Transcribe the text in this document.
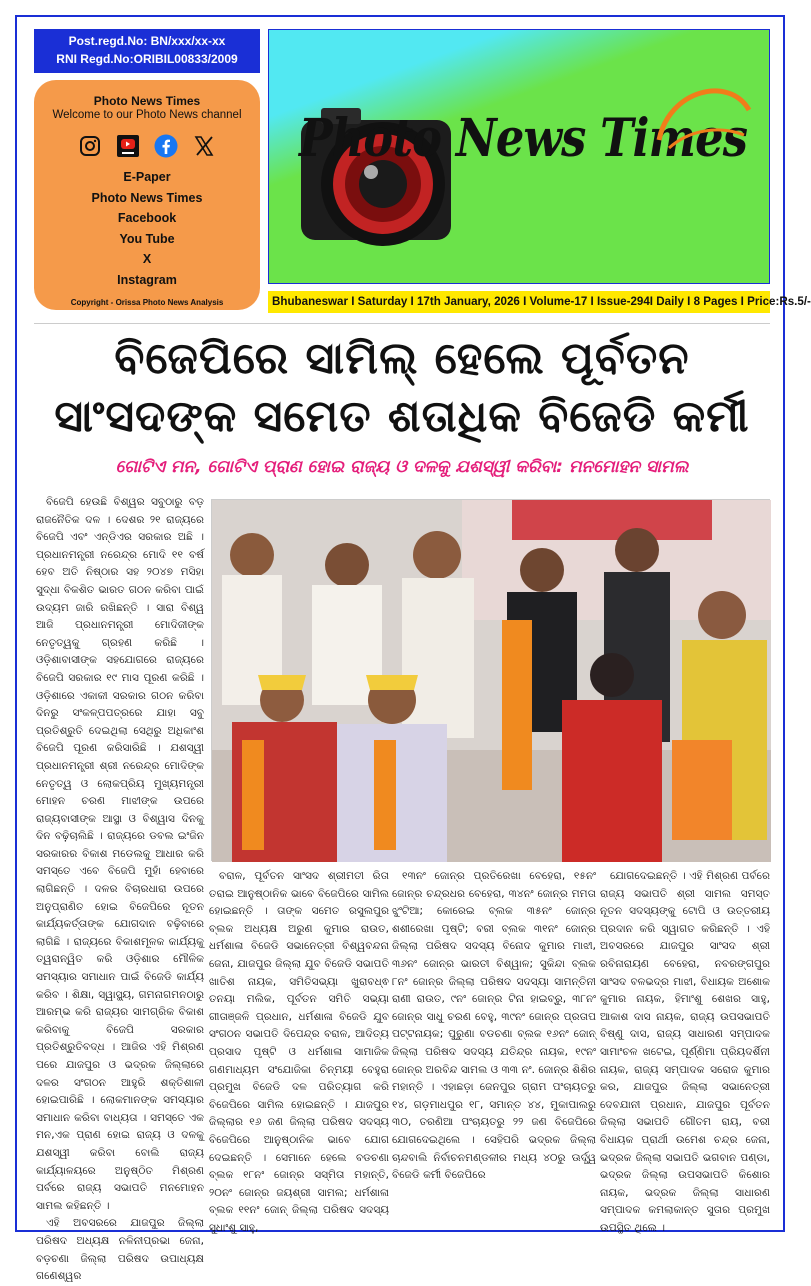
Post.regd.No: BN/xxx/xx-xx
RNI Regd.No:ORIBIL00833/2009
Photo News Times
Welcome to our Photo News channel
E-Paper
Photo News Times
Facebook
You Tube
X
Instagram
Copyright - Orissa Photo News Analysis
Photo News Times
Bhubaneswar I Saturday I 17th January, 2026 I Volume-17 I Issue-294I Daily I 8 Pages I Price:Rs.5/-
ବିଜେପିରେ ସାମିଲ୍ ହେଲେ ପୂର୍ବତନ
ସାଂସଦଙ୍କ ସମେତ ଶତାଧିକ ବିଜେଡି କର୍ମୀ
ଗୋଟିଏ ମନ, ଗୋଟିଏ ପ୍ରାଣ ହୋଇ ରାଜ୍ୟ ଓ ଦଳକୁ ଯଶସ୍ୱୀ କରିବା: ମନମୋହନ ସାମଲ

ବିଜେପି ହେଉଛି ବିଶ୍ୱର ସବୁଠାରୁ ବଡ଼ ରାଜନୈତିକ ଦଳ । ଦେଶର ୨୧ ରାଜ୍ୟରେ ବିଜେପି ଏବଂ ଏନ୍‌ଡିଏର ସରକାର ଅଛି । ପ୍ରଧାନମନ୍ତ୍ରୀ ନରେନ୍ଦ୍ର ମୋଦି ୧୧ ବର୍ଷ ହେବ ଅତି ନିଷ୍ଠାର ସହ ୨୦୪୭ ମସିହା ସୁଦ୍ଧା ବିକଶିତ ଭାରତ ଗଠନ କରିବା ପାଇଁ ଉଦ୍ୟମ ଜାରି ରଖିଛନ୍ତି । ସାରା ବିଶ୍ୱ ଆଜି ପ୍ରଧାନମନ୍ତ୍ରୀ ମୋଦିଜୀଙ୍କ ନେତୃତ୍ୱକୁ ଗ୍ରହଣ କରିଛି । ଓଡ଼ିଶାବାସୀଙ୍କ ସହଯୋଗରେ ରାଜ୍ୟରେ ବିଜେପି ସରକାର ୧୯ ମାସ ପୂରଣ କରିଛି । ଓଡ଼ିଶାରେ ଏକାକୀ ସରକାର ଗଠନ କରିବା ଦିନରୁ ସଂକଳ୍ପପତ୍ରରେ ଯାହା ସବୁ ପ୍ରତିଶ୍ରୁତି ଦେଇଥିଲା ସେଥିରୁ ଅଧିକାଂଶ ବିଜେପି ପୂରଣ କରିସାରିଛି । ଯଶସ୍ୱୀ ପ୍ରଧାନମନ୍ତ୍ରୀ ଶ୍ରୀ ନରେନ୍ଦ୍ର ମୋଦିଙ୍କ ନେତୃତ୍ୱ ଓ ଲୋକପ୍ରିୟ ମୁଖ୍ୟମନ୍ତ୍ରୀ ମୋହନ ଚରଣ ମାଝୀଙ୍କ ଉପରେ ରାଜ୍ୟବାସୀଙ୍କ ଆସ୍ଥା ଓ ବିଶ୍ୱାସ ଦିନକୁ ଦିନ ବଢ଼ିଚାଲିଛି । ରାଜ୍ୟରେ ଡବଲ ଇଂଜିନ ସରକାରର ବିକାଶ ମଡେଲକୁ ଆଧାର କରି ସମସ୍ତେ ଏବେ ବିଜେପି ମୁହାଁ ହେବାରେ ଲାଗିଛନ୍ତି । ଦଳର ବିଚାରଧାରା ଉପରେ ଅନୁପ୍ରାଣିତ ହୋଇ ବିଜେପିରେ ନୂତନ କାର୍ଯ୍ୟକର୍ତ୍ତାଙ୍କ ଯୋଗଦାନ ବଢ଼ିବାରେ ଲାଗିଛି । ରାଜ୍ୟରେ ବିକାଶମୂଳକ କାର୍ଯ୍ୟକୁ ତ୍ୱରାନ୍ୱିତ କରି ଓଡ଼ିଶାର ମୌଳିକ ସମସ୍ୟାର ସମାଧାନ ପାଇଁ ବିଜେଡି କାର୍ଯ୍ୟ କରିବ । ଶିକ୍ଷା, ସ୍ୱାସ୍ଥ୍ୟ, ଗମନାଗମନଠାରୁ ଆରମ୍ଭ କରି ରାଜ୍ୟର ସାମଗ୍ରିକ ବିକାଶ କରିବାକୁ ବିଜେପି ସରକାର ପ୍ରତିଶ୍ରୁତିବଦ୍ଧ । ଆଜିର ଏହି ମିଶ୍ରଣ ପରେ ଯାଜପୁର ଓ ଭଦ୍ରକ ଜିଲ୍ଲାରେ ଦଳର ସଂଗଠନ ଆହୁରି ଶକ୍ତିଶାଳୀ ହୋଇପାରିଛି । ଲୋକମାନଙ୍କ ସମସ୍ୟାର ସମାଧାନ କରିବା ବାଧ୍ୟତା । ସମସ୍ତେ ଏକ ମନ,ଏକ ପ୍ରାଣ ହୋଇ ରାଜ୍ୟ ଓ ଦଳକୁ ଯଶସ୍ୱୀ କରିବା ବୋଲି ରାଜ୍ୟ କାର୍ଯ୍ୟାଳୟରେ ଅନୁଷ୍ଠିତ ମିଶ୍ରଣ ପର୍ବରେ ରାଜ୍ୟ ସଭାପତି ମନମୋହନ ସାମଲ କହିଛନ୍ତି ।

ଏହି ଅବସରରେ ଯାଜପୁର ଜିଲ୍ଲା ପରିଷଦ ଅଧ୍ୟକ୍ଷ ନଳିନୀପ୍ରଭା ଜେନା, ବଡ଼ଚଣା ଜିଲ୍ଲା ପରିଷଦ ଉପାଧ୍ୟକ୍ଷ ଗଣେଶ୍ୱର

ବରାଳ, ପୂର୍ବତନ ସାଂସଦ ଶ୍ରୀମତୀ ରିତା ତରାଇ ଆନୁଷ୍ଠାନିକ ଭାବେ ବିଜେପିରେ ସାମିଲ ହୋଇଛନ୍ତି । ତାଙ୍କ ସମେତ ରସୁଲପୁର ବ୍ଲକ ଅଧ୍ୟକ୍ଷ ଅରୁଣ କୁମାର ରାଉତ, ଧର୍ମଶାଳା ବିଜେଡି ସଭାନେତ୍ରୀ ବିଶ୍ୱବନ୍ଦନା ଜେନା, ଯାଜପୁର ଜିଲ୍ଲା ଯୁବ ବିଜେଡି ସଭାପତି ଖାତିଶ ନାୟକ, ସମିତିସଭ୍ୟା ଖୁରାବଧ୍ଵ ତନୟା ମଲିକ, ପୂର୍ବତନ ସମିତି ସଭ୍ୟା ଗୀତାଞ୍ଜଳି ପ୍ରଧାନ, ଧର୍ମଶାଳା ବିଜେଡି ଯୁବ ସଂଗଠନ ସଭାପତି ଦିପେନ୍ଦ୍ର ବରାଳ, ଆଦିତ୍ୟ ପ୍ରସାଦ ପୃଷ୍ଟି ଓ ଧର୍ମଶାଳା ସାମାଜିକ ଗଣମାଧ୍ୟମ ସଂଯୋଜିକା ଚିନ୍ମୟୀ ବେହୁରା ପ୍ରମୁଖ ବିଜେଡି ଦଳ ପରିତ୍ୟାଗ କରି ବିଜେପିରେ ସାମିଲ ହୋଇଛନ୍ତି । ଯାଜପୁର ଜିଲ୍ଲାର ୧୬ ଜଣ ଜିଲ୍ଲା ପରିଷଦ ସଦସ୍ୟ ବିଜେପିରେ ଆନୁଷ୍ଠାନିକ ଭାବେ ଯୋଗ ଦେଇଛନ୍ତି । ସେମାନେ ହେଲେ ବଡଚଣା ବ୍ଲକ ୧୮ନଂ ଜୋନ୍‌ର ସସ୍ମିତା ମହାନ୍ତି, ୨୦ନଂ ଜୋନ୍‌ର ଜୟଶ୍ରୀ ସାମଲ; ଧର୍ମଶାଳା ବ୍ଲକ ୧୧ନଂ ଜୋନ୍ ଜିଲ୍ଲା ପରିଷଦ ସଦସ୍ୟ ସୁଧାଂଶୁ ସାହୁ,

୧୩ନଂ ଜୋନ୍‌ର ପ୍ରତିରେଖା ବେହେରା, ୧୫ନଂ ଜୋନ୍‌ର ଚନ୍ଦ୍ରଧର ବେହେରା, ୩୪ନଂ ଜୋନ୍‌ର ମମତା ଝୁଂଟିଆ; କୋରେଇ ବ୍ଲକ ୩୫ନଂ ଜୋନ୍‌ର ଶଶୀରେଖା ପୃଷ୍ଟି; ବରୀ ବ୍ଲକ ୩୧ନଂ ଜୋନ୍‌ର ଜିଲ୍ଲା ପରିଷଦ ସଦସ୍ୟ ବିନୋଦ କୁମାର ମାଝୀ, ୩୬ନଂ ଜୋନ୍‌ର ଭାରତୀ ବିଶ୍ୱାଳ; ସୁକିନ୍ଦା ବ୍ଲକ ୮ନଂ ଜୋନ୍‌ର ଜିଲ୍ଲା ପରିଷଦ ସଦସ୍ୟା ସାମନ୍ତିନୀ ରାଣୀ ରାଉତ, ୯ନଂ ଜୋନ୍‌ର ଟିନା ହାଇବ୍ରୁ, ୩୮ନଂ ଜୋନ୍‌ର ସାଧୁ ଚରଣ ବେହୁ, ୩୯ନଂ ଜୋନ୍‌ର ପ୍ରତାପ ପଟ୍ଟନାୟକ; ପୁରୁଣା ବଡଚଣା ବ୍ଲକ ୧୬ନଂ ଜୋନ୍ ଜିଲ୍ଲା ପରିଷଦ ସଦସ୍ୟ ଯତିନ୍ଦ୍ର ନାୟକ, ୧୯ନଂ ଜୋନ୍‌ର ଅରବିନ୍ଦ ସାମଲ ଓ ୩୩ ନଂ. ଜୋନ୍‌ର ଶିଶିର ମହାନ୍ତି । ଏହାଛଡ଼ା ଜେନପୁର ଗ୍ରାମ ପଂଚାୟତରୁ ୧୪, ଗଡ଼ମାଧପୁର ୧୮, ସମାନ୍ତ ୪୪, ମୁକାପାଲରୁ ୩୦, ତରଣିଆ ପଂଚାୟତରୁ ୨୨ ଜଣ ବିଜେପିରେ ଯୋଗଦେଇଥିଲେ । ସେହିପରି ଭଦ୍ରକ ଜିଲ୍ଲା ଚାନ୍ଦବାଲି ନିର୍ବାଚନମଣ୍ଡଳୀର ମଧ୍ୟ ୪୦ରୁ ଊର୍ଦ୍ଧ୍ୱ ବିଜେଡି କର୍ମୀ ବିଜେପିରେ

ଯୋଗଦେଇଛନ୍ତି । ଏହି ମିଶ୍ରଣ ପର୍ବରେ ରାଜ୍ୟ ସଭାପତି ଶ୍ରୀ ସାମଲ ସମସ୍ତ ନୂତନ ସଦସ୍ୟଙ୍କୁ ଟୋପି ଓ ଉତ୍ତରୀୟ ପ୍ରଦାନ କରି ସ୍ୱାଗତ କରିଛନ୍ତି । ଏହି ଅବସରରେ ଯାଜପୁର ସାଂସଦ ଶ୍ରୀ ରବିନାରାୟଣ ବେହେରା, ନବରଙ୍ଗପୁର ସାଂସଦ ବଳଭଦ୍ର ମାଝୀ, ବିଧାୟକ ଅଶୋକ କୁମାର ନାୟକ, ହିମାଂଶୁ ଶେଖର ସାହୁ, ଆକାଶ ଦାସ ନାୟକ, ରାଜ୍ୟ ଉପସଭାପତି ବିଷ୍ଣୁ ଦାସ, ରାଜ୍ୟ ସାଧାରଣ ସମ୍ପାଦକ ସାମାଂଚଳ ଖଟେଇ, ପୂର୍ଣ୍ଣିମା ପ୍ରିୟଦର୍ଶିନୀ ନାୟକ, ରାଜ୍ୟ ସମ୍ପାଦକ ସରୋଜ କୁମାର କର, ଯାଜପୁର ଜିଲ୍ଲା ସଭାନେତ୍ରୀ ଦେବଯାନୀ ପ୍ରଧାନ, ଯାଜପୁର ପୂର୍ବତନ ଜିଲ୍ଲା ସଭାପତି ଗୌତମ ରାୟ, ବରୀ ବିଧାୟକ ପ୍ରାର୍ଥୀ ଉମେଶ ଚନ୍ଦ୍ର ଜେନା, ଭଦ୍ରକ ଜିଲ୍ଲା ସଭାପତି ଭଗବାନ ପଣ୍ଡା, ଭଦ୍ରକ ଜିଲ୍ଲା ଉପସଭାପତି କିଶୋର ନାୟକ, ଭଦ୍ରକ ଜିଲ୍ଲା ସାଧାରଣ ସମ୍ପାଦକ କମଲାକାନ୍ତ ସୁତାର ପ୍ରମୁଖ ଉପସ୍ଥିତ ଥିଲେ ।
